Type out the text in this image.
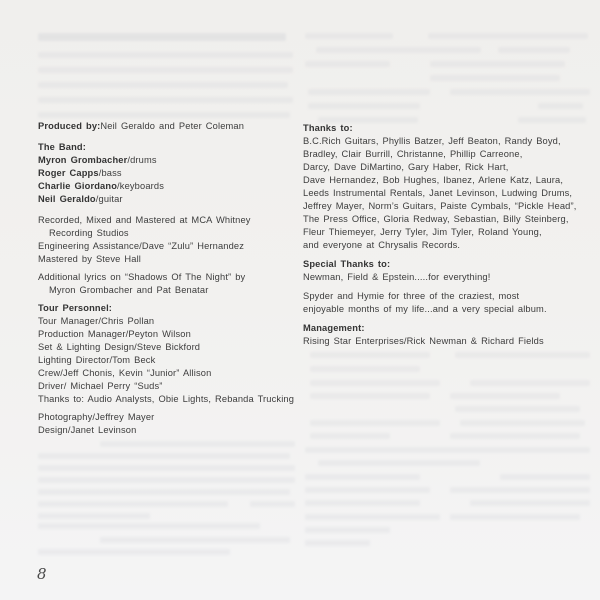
Produced by:Neil Geraldo and Peter Coleman

The Band:

Myron Grombacher/drums

Roger Capps/bass

Charlie Giordano/keyboards

Neil Geraldo/guitar

Recorded, Mixed and Mastered at MCA Whitney

Recording Studios

Engineering Assistance/Dave “Zulu” Hernandez

Mastered by Steve Hall

Additional lyrics on “Shadows Of The Night” by

Myron Grombacher and Pat Benatar

Tour Personnel:

Tour Manager/Chris Pollan

Production Manager/Peyton Wilson

Set & Lighting Design/Steve Bickford

Lighting Director/Tom Beck

Crew/Jeff Chonis, Kevin “Junior” Allison

Driver/ Michael Perry “Suds”

Thanks to: Audio Analysts, Obie Lights, Rebanda Trucking

Photography/Jeffrey Mayer

Design/Janet Levinson

Thanks to:

B.C.Rich Guitars, Phyllis Batzer, Jeff Beaton, Randy Boyd,

Bradley, Clair Burrill, Christanne, Phillip Carreone,

Darcy, Dave DiMartino, Gary Haber, Rick Hart,

Dave Hernandez, Bob Hughes, Ibanez, Arlene Katz, Laura,

Leeds Instrumental Rentals, Janet Levinson, Ludwing Drums,

Jeffrey Mayer, Norm’s Guitars, Paiste Cymbals, “Pickle Head”,

The Press Office, Gloria Redway, Sebastian, Billy Steinberg,

Fleur Thiemeyer, Jerry Tyler, Jim Tyler, Roland Young,

and everyone at Chrysalis Records.

Special Thanks to:

Newman, Field & Epstein.....for everything!

Spyder and Hymie for three of the craziest, most

enjoyable months of my life...and a very special album.

Management:

Rising Star Enterprises/Rick Newman & Richard Fields

8
